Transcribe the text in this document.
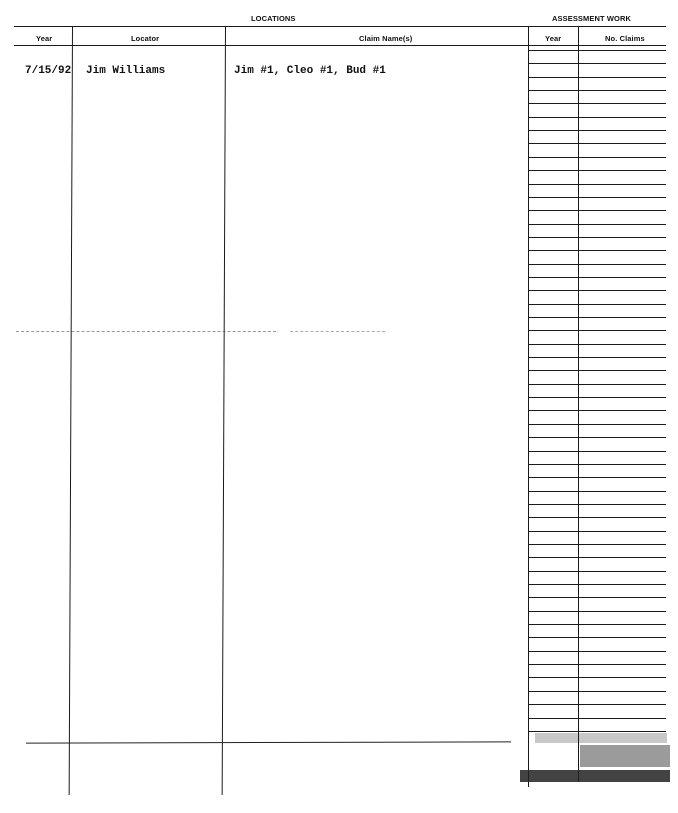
LOCATIONS	ASSESSMENT WORK
Year	Locator	Claim Name(s)	Year	No. Claims
7/15/92 Jim Williams	Jim #1, Cleo #1, Bud #1
